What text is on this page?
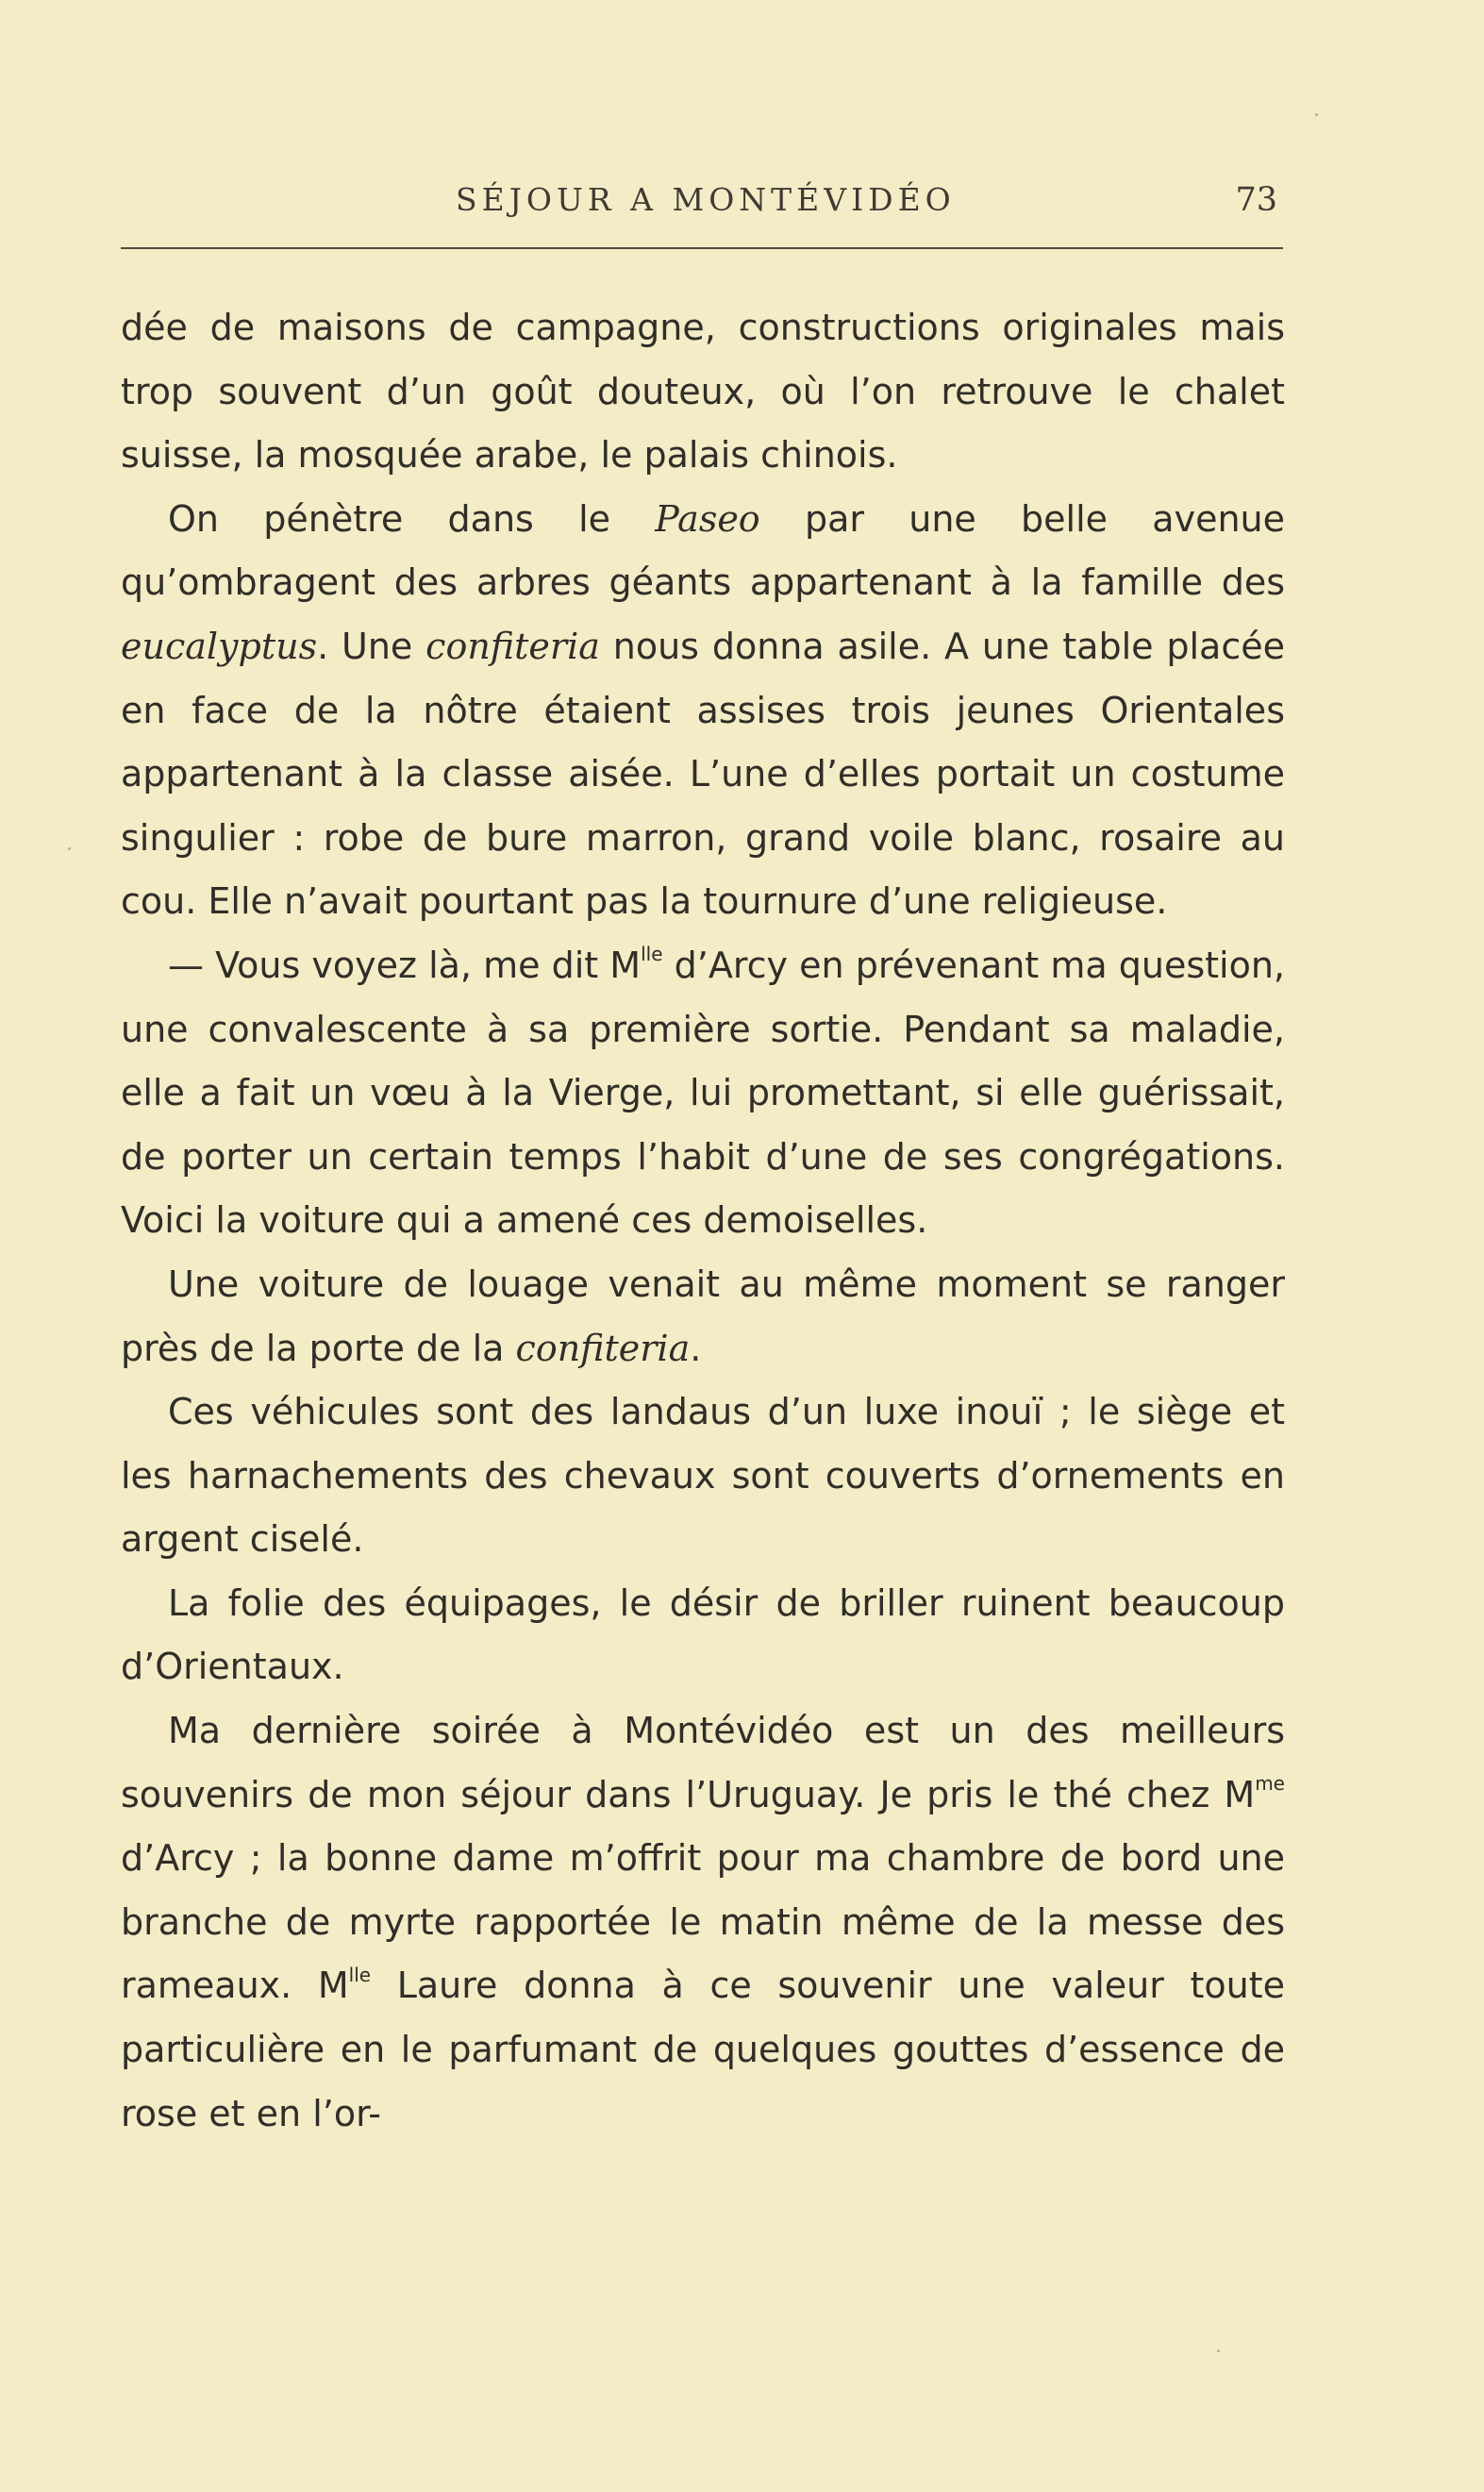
SÉJOUR A MONTÉVIDÉO	73

dée de maisons de campagne, constructions originales mais trop souvent d’un goût douteux, où l’on retrouve le chalet suisse, la mosquée arabe, le palais chinois.

On pénètre dans le Paseo par une belle avenue qu’ombragent des arbres géants appartenant à la famille des eucalyptus. Une confiteria nous donna asile. A une table placée en face de la nôtre étaient assises trois jeunes Orientales appartenant à la classe aisée. L’une d’elles portait un costume singulier : robe de bure marron, grand voile blanc, rosaire au cou. Elle n’avait pourtant pas la tournure d’une religieuse.

— Vous voyez là, me dit $M^{lle}$ d’Arcy en prévenant ma question, une convalescente à sa première sortie. Pendant sa maladie, elle a fait un vœu à la Vierge, lui promettant, si elle guérissait, de porter un certain temps l’habit d’une de ses congrégations. Voici la voiture qui a amené ces demoiselles.

Une voiture de louage venait au même moment se ranger près de la porte de la confiteria.

Ces véhicules sont des landaus d’un luxe inouï ; le siège et les harnachements des chevaux sont couverts d’ornements en argent ciselé.

La folie des équipages, le désir de briller ruinent beaucoup d’Orientaux.

Ma dernière soirée à Montévidéo est un des meilleurs souvenirs de mon séjour dans l’Uruguay. Je pris le thé chez $M^{me}$ d’Arcy ; la bonne dame m’offrit pour ma chambre de bord une branche de myrte rapportée le matin même de la messe des rameaux. $M^{lle}$ Laure donna à ce souvenir une valeur toute particulière en le parfumant de quelques gouttes d’essence de rose et en l’or-
